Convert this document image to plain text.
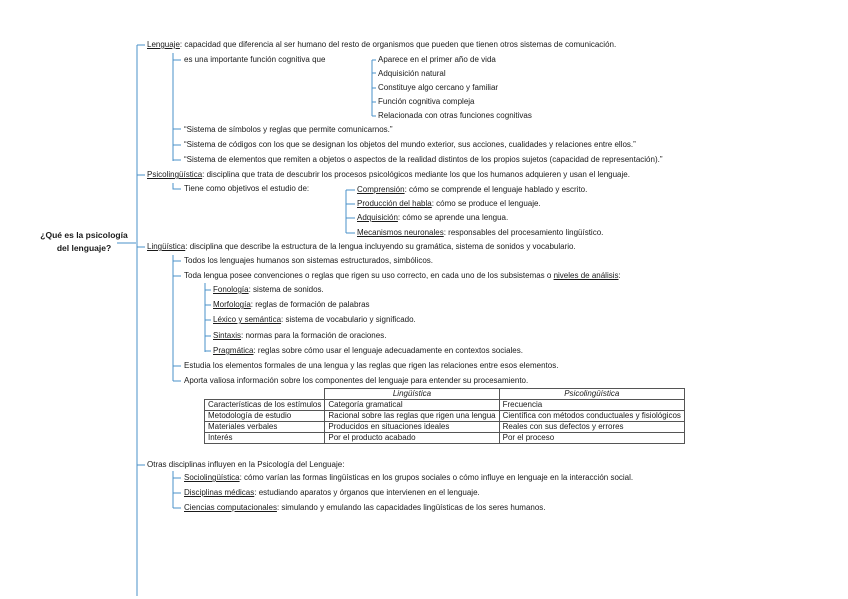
¿Qué es la psicología
del lenguaje?
Lenguaje: capacidad que diferencia al ser humano del resto de organismos que pueden que tienen otros sistemas de comunicación.
es una importante función cognitiva que	Aparece en el primer año de vida
Adquisición natural
Constituye algo cercano y familiar
Función cognitiva compleja
Relacionada con otras funciones cognitivas
“Sistema de símbolos y reglas que permite comunicarnos.”
“Sistema de códigos con los que se designan los objetos del mundo exterior, sus acciones, cualidades y relaciones entre ellos.”
“Sistema de elementos que remiten a objetos o aspectos de la realidad distintos de los propios sujetos (capacidad de representación).”
Psicolingüística: disciplina que trata de descubrir los procesos psicológicos mediante los que los humanos adquieren y usan el lenguaje.
Tiene como objetivos el estudio de:	Comprensión: cómo se comprende el lenguaje hablado y escrito.
Producción del habla: cómo se produce el lenguaje.
Adquisición: cómo se aprende una lengua.
Mecanismos neuronales: responsables del procesamiento lingüístico.
Lingüística: disciplina que describe la estructura de la lengua incluyendo su gramática, sistema de sonidos y vocabulario.
Todos los lenguajes humanos son sistemas estructurados, simbólicos.
Toda lengua posee convenciones o reglas que rigen su uso correcto, en cada uno de los subsistemas o niveles de análisis:
Fonología: sistema de sonidos.
Morfología: reglas de formación de palabras
Léxico y semántica: sistema de vocabulario y significado.
Sintaxis: normas para la formación de oraciones.
Pragmática: reglas sobre cómo usar el lenguaje adecuadamente en contextos sociales.
Estudia los elementos formales de una lengua y las reglas que rigen las relaciones entre esos elementos.
Aporta valiosa información sobre los componentes del lenguaje para entender su procesamiento.
	Lingüística	Psicolingüística
Características de los estímulos	Categoría gramatical	Frecuencia
Metodología de estudio	Racional sobre las reglas que rigen una lengua	Científica con métodos conductuales y fisiológicos
Materiales verbales	Producidos en situaciones ideales	Reales con sus defectos y errores
Interés	Por el producto acabado	Por el proceso
Otras disciplinas influyen en la Psicología del Lenguaje:
Sociolingüística: cómo varían las formas lingüísticas en los grupos sociales o cómo influye en lenguaje en la interacción social.
Disciplinas médicas: estudiando aparatos y órganos que intervienen en el lenguaje.
Ciencias computacionales: simulando y emulando las capacidades lingüísticas de los seres humanos.
